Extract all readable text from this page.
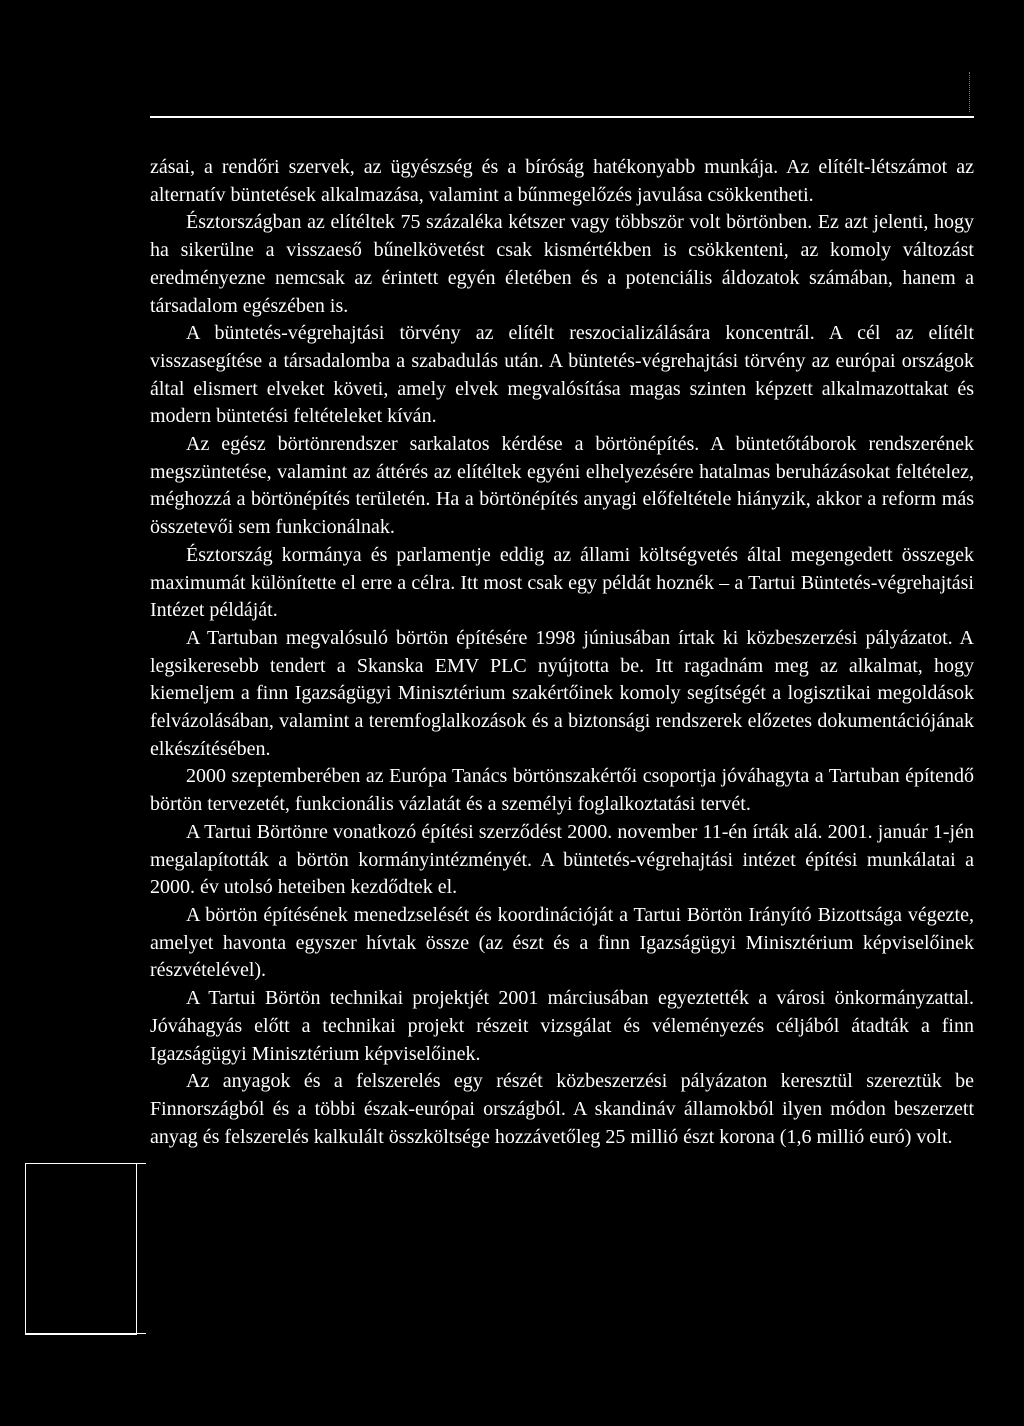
zásai, a rendőri szervek, az ügyészség és a bíróság hatékonyabb munkája. Az elítélt-létszámot az alternatív büntetések alkalmazása, valamint a bűnmegelőzés javulása csökkentheti.

Észtországban az elítéltek 75 százaléka kétszer vagy többször volt börtönben. Ez azt jelenti, hogy ha sikerülne a visszaeső bűnelkövetést csak kismértékben is csökkenteni, az komoly változást eredményezne nemcsak az érintett egyén életében és a potenciális áldozatok számában, hanem a társadalom egészében is.

A büntetés-végrehajtási törvény az elítélt reszocializálására koncentrál. A cél az elítélt visszasegítése a társadalomba a szabadulás után. A büntetés-végrehajtási törvény az európai országok által elismert elveket követi, amely elvek megvalósítása magas szinten képzett alkalmazottakat és modern büntetési feltételeket kíván.

Az egész börtönrendszer sarkalatos kérdése a börtönépítés. A büntetőtáborok rendszerének megszüntetése, valamint az áttérés az elítéltek egyéni elhelyezésére hatalmas beruházásokat feltételez, méghozzá a börtönépítés területén. Ha a börtönépítés anyagi előfeltétele hiányzik, akkor a reform más összetevői sem funkcionálnak.

Észtország kormánya és parlamentje eddig az állami költségvetés által megengedett összegek maximumát különítette el erre a célra. Itt most csak egy példát hoznék – a Tartui Büntetés-végrehajtási Intézet példáját.

A Tartuban megvalósuló börtön építésére 1998 júniusában írtak ki közbeszerzési pályázatot. A legsikeresebb tendert a Skanska EMV PLC nyújtotta be. Itt ragadnám meg az alkalmat, hogy kiemeljem a finn Igazságügyi Minisztérium szakértőinek komoly segítségét a logisztikai megoldások felvázolásában, valamint a teremfoglalkozások és a biztonsági rendszerek előzetes dokumentációjának elkészítésében.

2000 szeptemberében az Európa Tanács börtönszakértői csoportja jóváhagyta a Tartuban építendő börtön tervezetét, funkcionális vázlatát és a személyi foglalkoztatási tervét.

A Tartui Börtönre vonatkozó építési szerződést 2000. november 11-én írták alá. 2001. január 1-jén megalapították a börtön kormányintézményét. A büntetés-végrehajtási intézet építési munkálatai a 2000. év utolsó heteiben kezdődtek el.

A börtön építésének menedzselését és koordinációját a Tartui Börtön Irányító Bizottsága végezte, amelyet havonta egyszer hívtak össze (az észt és a finn Igazságügyi Minisztérium képviselőinek részvételével).

A Tartui Börtön technikai projektjét 2001 márciusában egyeztették a városi önkormányzattal. Jóváhagyás előtt a technikai projekt részeit vizsgálat és véleményezés céljából átadták a finn Igazságügyi Minisztérium képviselőinek.

Az anyagok és a felszerelés egy részét közbeszerzési pályázaton keresztül szereztük be Finnországból és a többi észak-európai országból. A skandináv államokból ilyen módon beszerzett anyag és felszerelés kalkulált összköltsége hozzávetőleg 25 millió észt korona (1,6 millió euró) volt.
